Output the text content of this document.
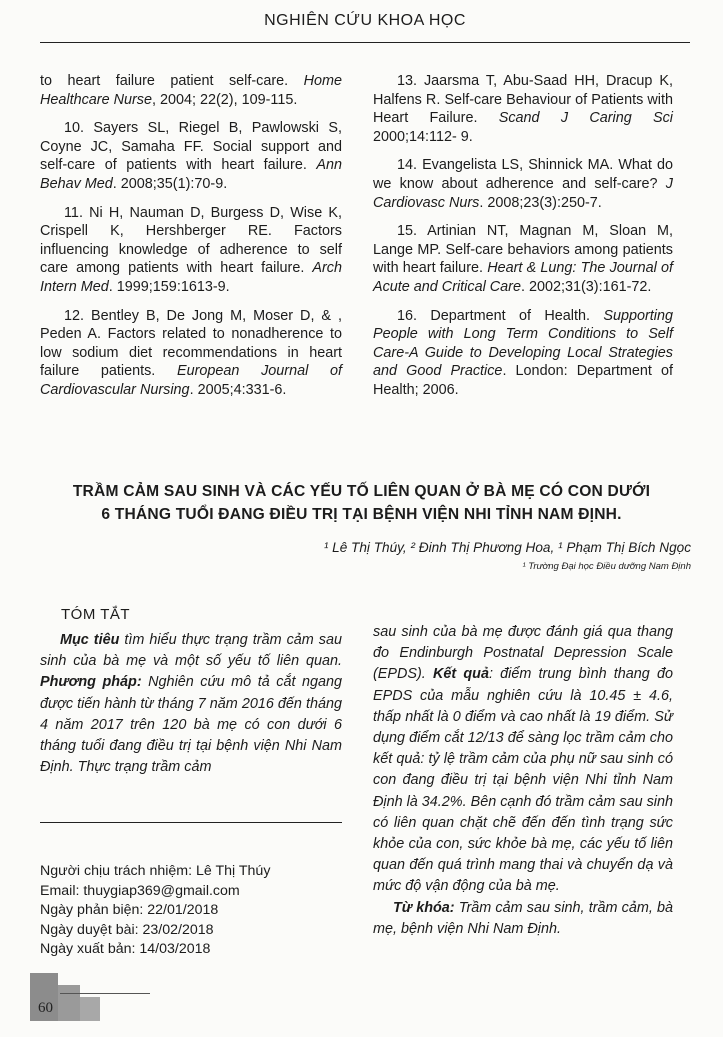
NGHIÊN CỨU KHOA HỌC

to heart failure patient self-care. Home Healthcare Nurse, 2004; 22(2), 109-115.

10. Sayers SL, Riegel B, Pawlowski S, Coyne JC, Samaha FF. Social support and self-care of patients with heart failure. Ann Behav Med. 2008;35(1):70-9.

11. Ni H, Nauman D, Burgess D, Wise K, Crispell K, Hershberger RE. Factors influencing knowledge of adherence to self care among patients with heart failure. Arch Intern Med. 1999;159:1613-9.

12. Bentley B, De Jong M, Moser D, & , Peden A. Factors related to nonadherence to low sodium diet recommendations in heart failure patients. European Journal of Cardiovascular Nursing. 2005;4:331-6.

13. Jaarsma T, Abu-Saad HH, Dracup K, Halfens R. Self-care Behaviour of Patients with Heart Failure. Scand J Caring Sci 2000;14:112- 9.

14. Evangelista LS, Shinnick MA. What do we know about adherence and self-care? J Cardiovasc Nurs. 2008;23(3):250-7.

15. Artinian NT, Magnan M, Sloan M, Lange MP. Self-care behaviors among patients with heart failure. Heart & Lung: The Journal of Acute and Critical Care. 2002;31(3):161-72.

16. Department of Health. Supporting People with Long Term Conditions to Self Care-A Guide to Developing Local Strategies and Good Practice. London: Department of Health; 2006.

TRẦM CẢM SAU SINH VÀ CÁC YẾU TỐ LIÊN QUAN Ở BÀ MẸ CÓ CON DƯỚI
6 THÁNG TUỔI ĐANG ĐIỀU TRỊ TẠI BỆNH VIỆN NHI TỈNH NAM ĐỊNH.
¹ Lê Thị Thúy, ² Đinh Thị Phương Hoa, ¹ Phạm Thị Bích Ngọc
¹ Trường Đại học Điều dưỡng Nam Định
TÓM TẮT
Mục tiêu tìm hiểu thực trạng trầm cảm sau sinh của bà mẹ và một số yếu tố liên quan. Phương pháp: Nghiên cứu mô tả cắt ngang được tiến hành từ tháng 7 năm 2016 đến tháng 4 năm 2017 trên 120 bà mẹ có con dưới 6 tháng tuổi đang điều trị tại bệnh viện Nhi Nam Định. Thực trạng trầm cảm

sau sinh của bà mẹ được đánh giá qua thang đo Endinburgh Postnatal Depression Scale (EPDS). Kết quả: điểm trung bình thang đo EPDS của mẫu nghiên cứu là 10.45 ± 4.6, thấp nhất là 0 điểm và cao nhất là 19 điểm. Sử dụng điểm cắt 12/13 để sàng lọc trầm cảm cho kết quả: tỷ lệ trầm cảm của phụ nữ sau sinh có con đang điều trị tại bệnh viện Nhi tỉnh Nam Định là 34.2%. Bên cạnh đó trầm cảm sau sinh có liên quan chặt chẽ đến đến tình trạng sức khỏe của con, sức khỏe bà mẹ, các yếu tố liên quan đến quá trình mang thai và chuyển dạ và mức độ vận động của bà mẹ.

Từ khóa: Trầm cảm sau sinh, trầm cảm, bà mẹ, bệnh viện Nhi Nam Định.

Người chịu trách nhiệm: Lê Thị Thúy
Email: thuygiap369@gmail.com
Ngày phản biện: 22/01/2018
Ngày duyệt bài: 23/02/2018
Ngày xuất bản: 14/03/2018
60
